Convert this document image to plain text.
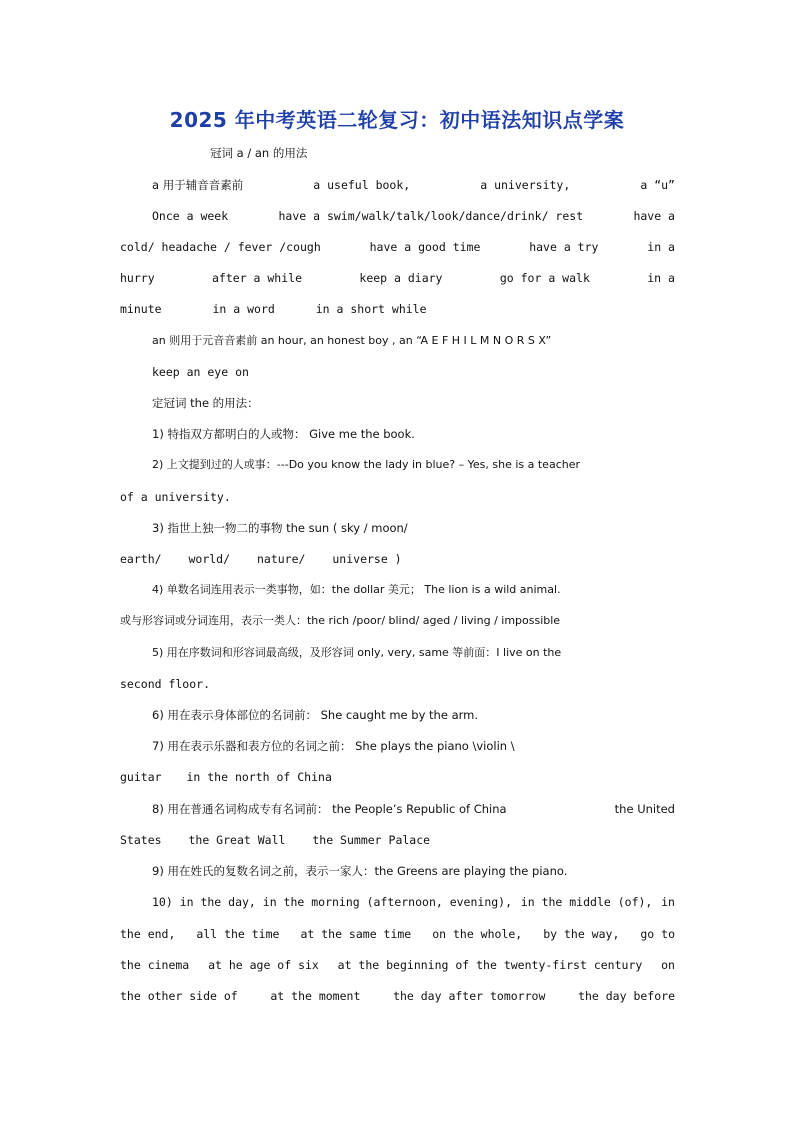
2025 年中考英语二轮复习：初中语法知识点学案

冠词 a / an 的用法

a 用于辅音音素前	a useful book,	a university,	a “u”

Once a week	have a swim/walk/talk/look/dance/drink/ rest	have a

cold/ headache / fever /cough	have a good time	have a try	in a

hurry	after a while	keep a diary	go for a walk	in a

minute	in a word	in a short while

an 则用于元音音素前 an hour, an honest boy , an “A E F H I L M N O R S X”

keep an eye on

定冠词 the 的用法：

1) 特指双方都明白的人或物： Give me the book.

2) 上文提到过的人或事：---Do you know the lady in blue? – Yes, she is a teacher

of a university.

3) 指世上独一物二的事物 the sun ( sky / moon/

earth/ world/ nature/ universe )

4) 单数名词连用表示一类事物，如：the dollar 美元； The lion is a wild animal.

或与形容词或分词连用，表示一类人：the rich /poor/ blind/ aged / living / impossible

5) 用在序数词和形容词最高级，及形容词 only, very, same 等前面：I live on the

second floor.

6) 用在表示身体部位的名词前： She caught me by the arm.

7) 用在表示乐器和表方位的名词之前： She plays the piano \violin \

guitar in the north of China

8) 用在普通名词构成专有名词前： the People’s Republic of China	the United

States the Great Wall the Summer Palace

9) 用在姓氏的复数名词之前，表示一家人：the Greens are playing the piano.

10) in the day, in the morning (afternoon, evening), in the middle (of), in

the end, all the time at the same time on the whole, by the way, go to

the cinema at he age of six at the beginning of the twenty-first century on

the other side of	at the moment	the day after tomorrow	the day before
